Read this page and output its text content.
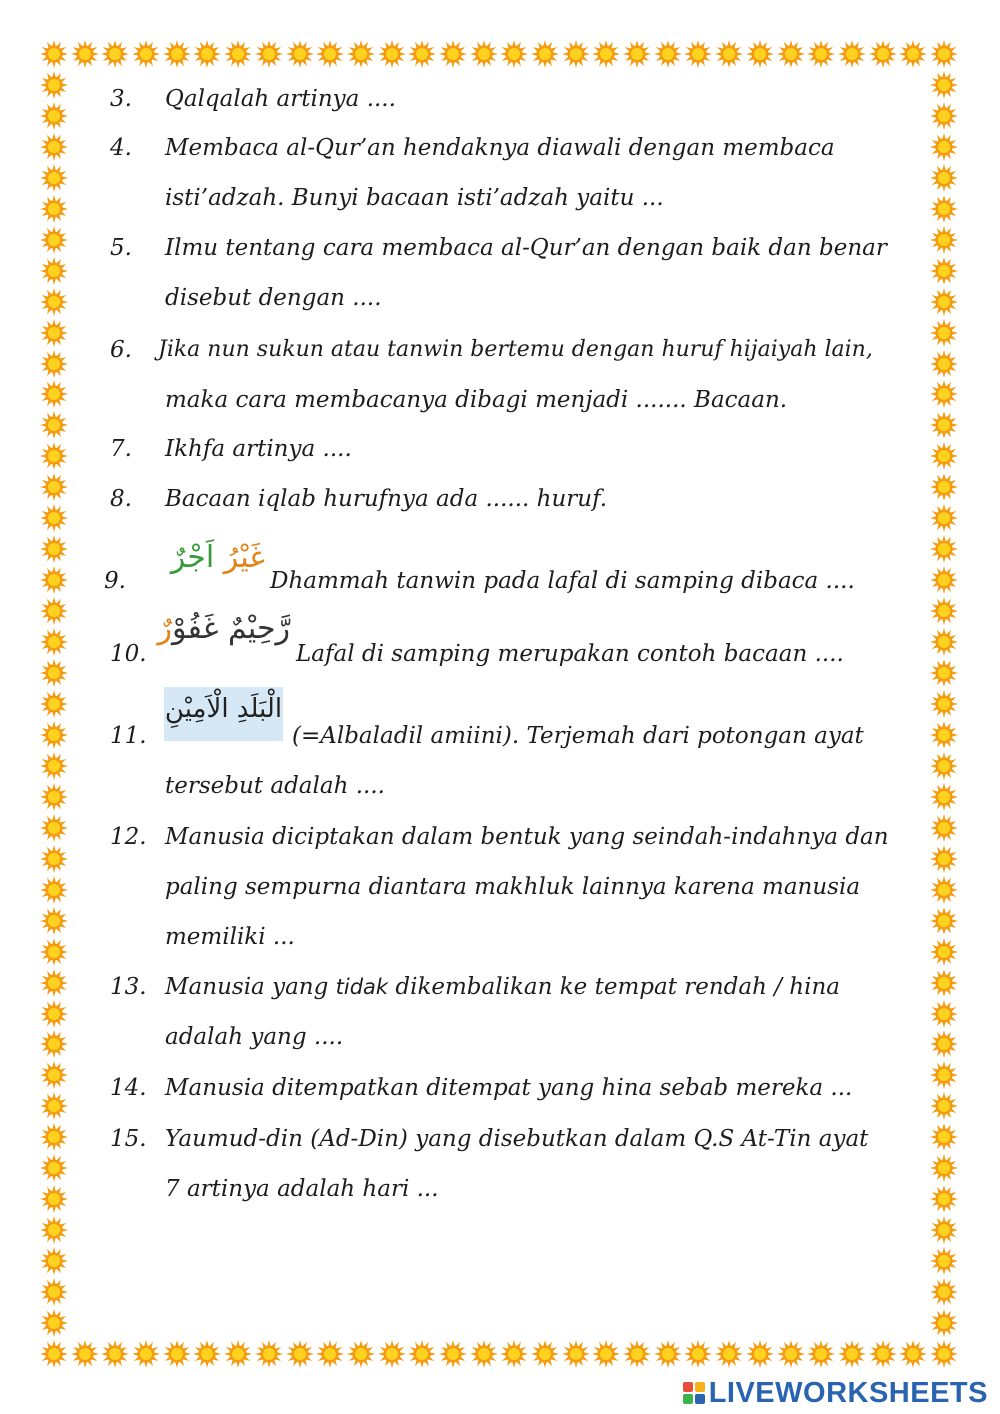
3. Qalqalah artinya ....
4. Membaca al-Qur’an hendaknya diawali dengan membaca
isti’adzah. Bunyi bacaan isti’adzah yaitu ...
5. Ilmu tentang cara membaca al-Qur’an dengan baik dan benar
disebut dengan ....
6. Jika nun sukun atau tanwin bertemu dengan huruf hijaiyah lain,
maka cara membacanya dibagi menjadi ....... Bacaan.
7. Ikhfa artinya ....
8. Bacaan iqlab hurufnya ada ...... huruf.
9.
غَيْرُ اَجْرٌ
Dhammah tanwin pada lafal di samping dibaca ....
10.
رَّحِيْمٌ غَفُوْرٌ
Lafal di samping merupakan contoh bacaan ....
11.
الْبَلَدِ الْاَمِيْنِ
(=Albaladil amiini). Terjemah dari potongan ayat
tersebut adalah ....
12. Manusia diciptakan dalam bentuk yang seindah-indahnya dan
paling sempurna diantara makhluk lainnya karena manusia
memiliki ...
13. Manusia yang tidak dikembalikan ke tempat rendah / hina
adalah yang ....
14. Manusia ditempatkan ditempat yang hina sebab mereka ...
15. Yaumud-din (Ad-Din) yang disebutkan dalam Q.S At-Tin ayat
7 artinya adalah hari ...
LIVEWORKSHEETS
